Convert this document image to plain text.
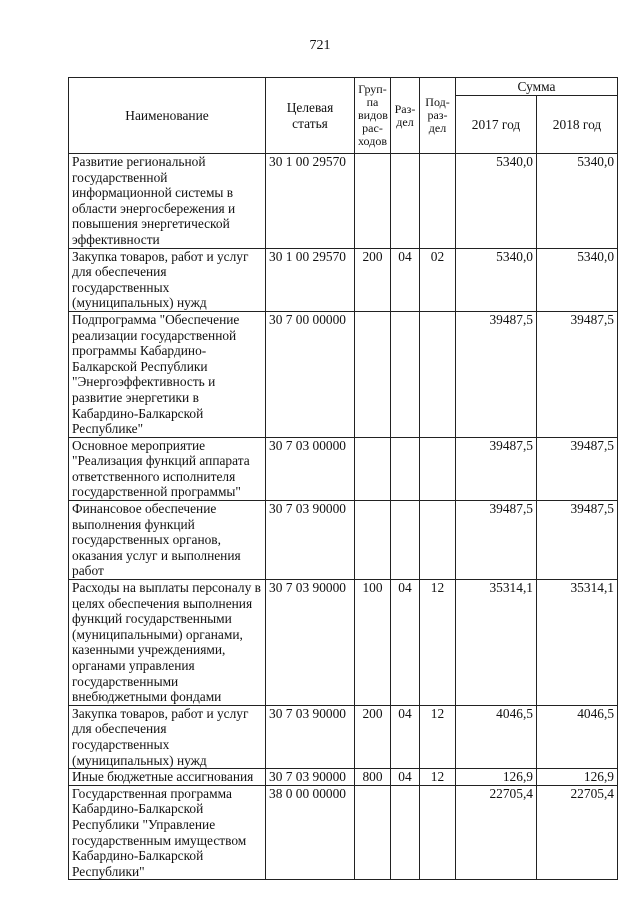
721
Наименование	Целевая статья	Груп-па видов рас-ходов	Раз-дел	Под-раз-дел	Сумма	
					2017 год	2018 год
Развитие региональной государственной информационной системы в области энергосбережения и повышения энергетической эффективности	30 1 00 29570				5340,0	5340,0
Закупка товаров, работ и услуг для обеспечения государственных (муниципальных) нужд	30 1 00 29570	200	04	02	5340,0	5340,0
Подпрограмма "Обеспечение реализации государственной программы Кабардино-Балкарской Республики "Энергоэффективность и развитие энергетики в Кабардино-Балкарской Республике"	30 7 00 00000				39487,5	39487,5
Основное мероприятие "Реализация функций аппарата ответственного исполнителя государственной программы"	30 7 03 00000				39487,5	39487,5
Финансовое обеспечение выполнения функций государственных органов, оказания услуг и выполнения работ	30 7 03 90000				39487,5	39487,5
Расходы на выплаты персоналу в целях обеспечения выполнения функций государственными (муниципальными) органами, казенными учреждениями, органами управления государственными внебюджетными фондами	30 7 03 90000	100	04	12	35314,1	35314,1
Закупка товаров, работ и услуг для обеспечения государственных (муниципальных) нужд	30 7 03 90000	200	04	12	4046,5	4046,5
Иные бюджетные ассигнования	30 7 03 90000	800	04	12	126,9	126,9
Государственная программа Кабардино-Балкарской Республики "Управление государственным имуществом Кабардино-Балкарской Республики"	38 0 00 00000				22705,4	22705,4
